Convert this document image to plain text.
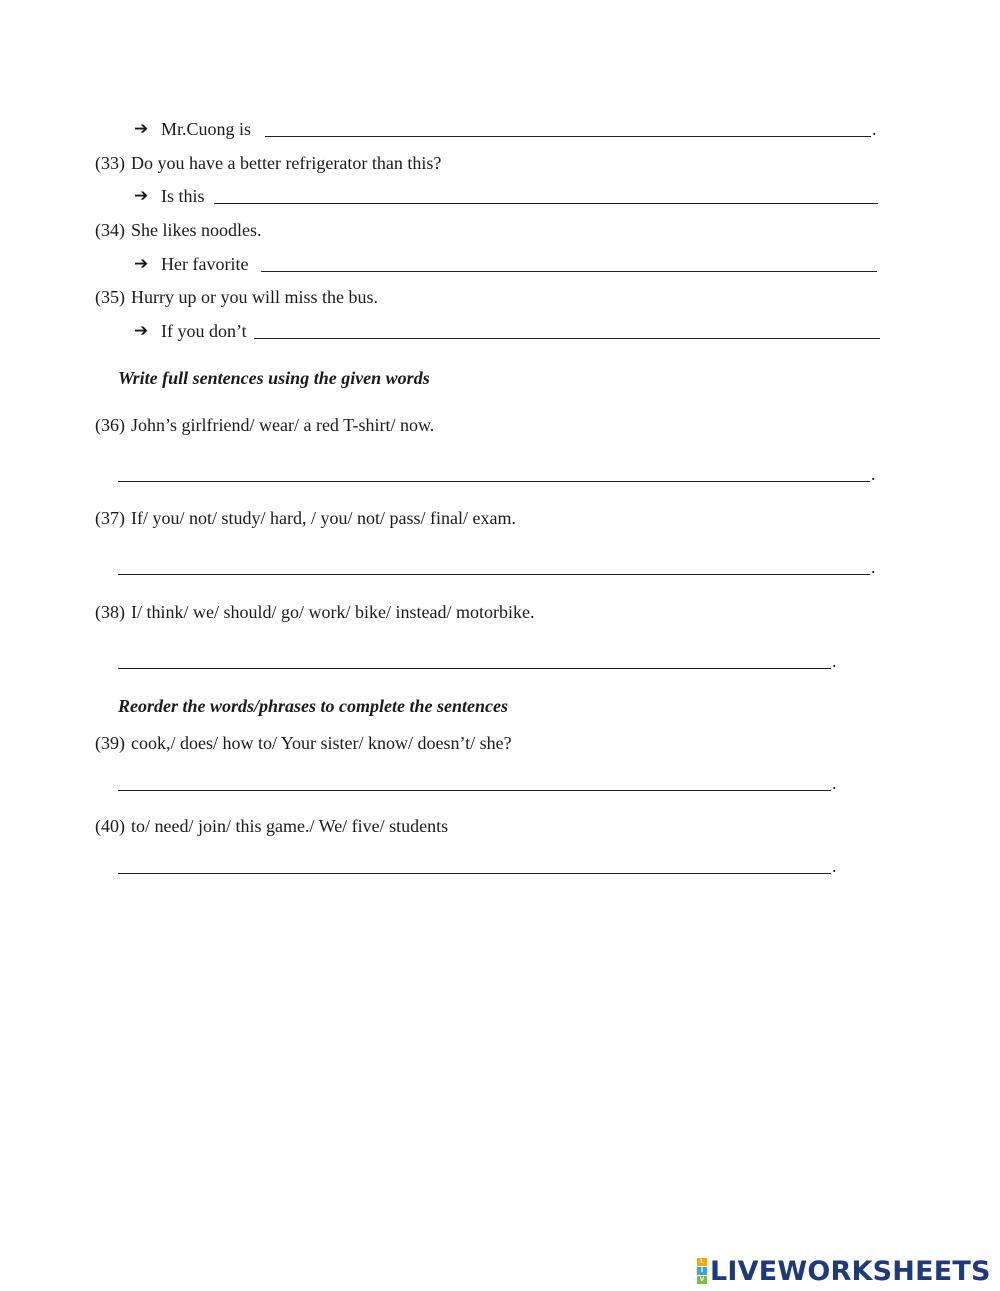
➔ Mr.Cuong is	.
(33) Do you have a better refrigerator than this?
➔ Is this
(34) She likes noodles.
➔ Her favorite
(35) Hurry up or you will miss the bus.
➔ If you don’t
Write full sentences using the given words
(36) John’s girlfriend/ wear/ a red T-shirt/ now.
.
(37) If/ you/ not/ study/ hard, / you/ not/ pass/ final/ exam.
.
(38) I/ think/ we/ should/ go/ work/ bike/ instead/ motorbike.
.
Reorder the words/phrases to complete the sentences
(39) cook,/ does/ how to/ Your sister/ know/ doesn’t/ she?
.
(40) to/ need/ join/ this game./ We/ five/ students
.
L
I
V LIVEWORKSHEETS
